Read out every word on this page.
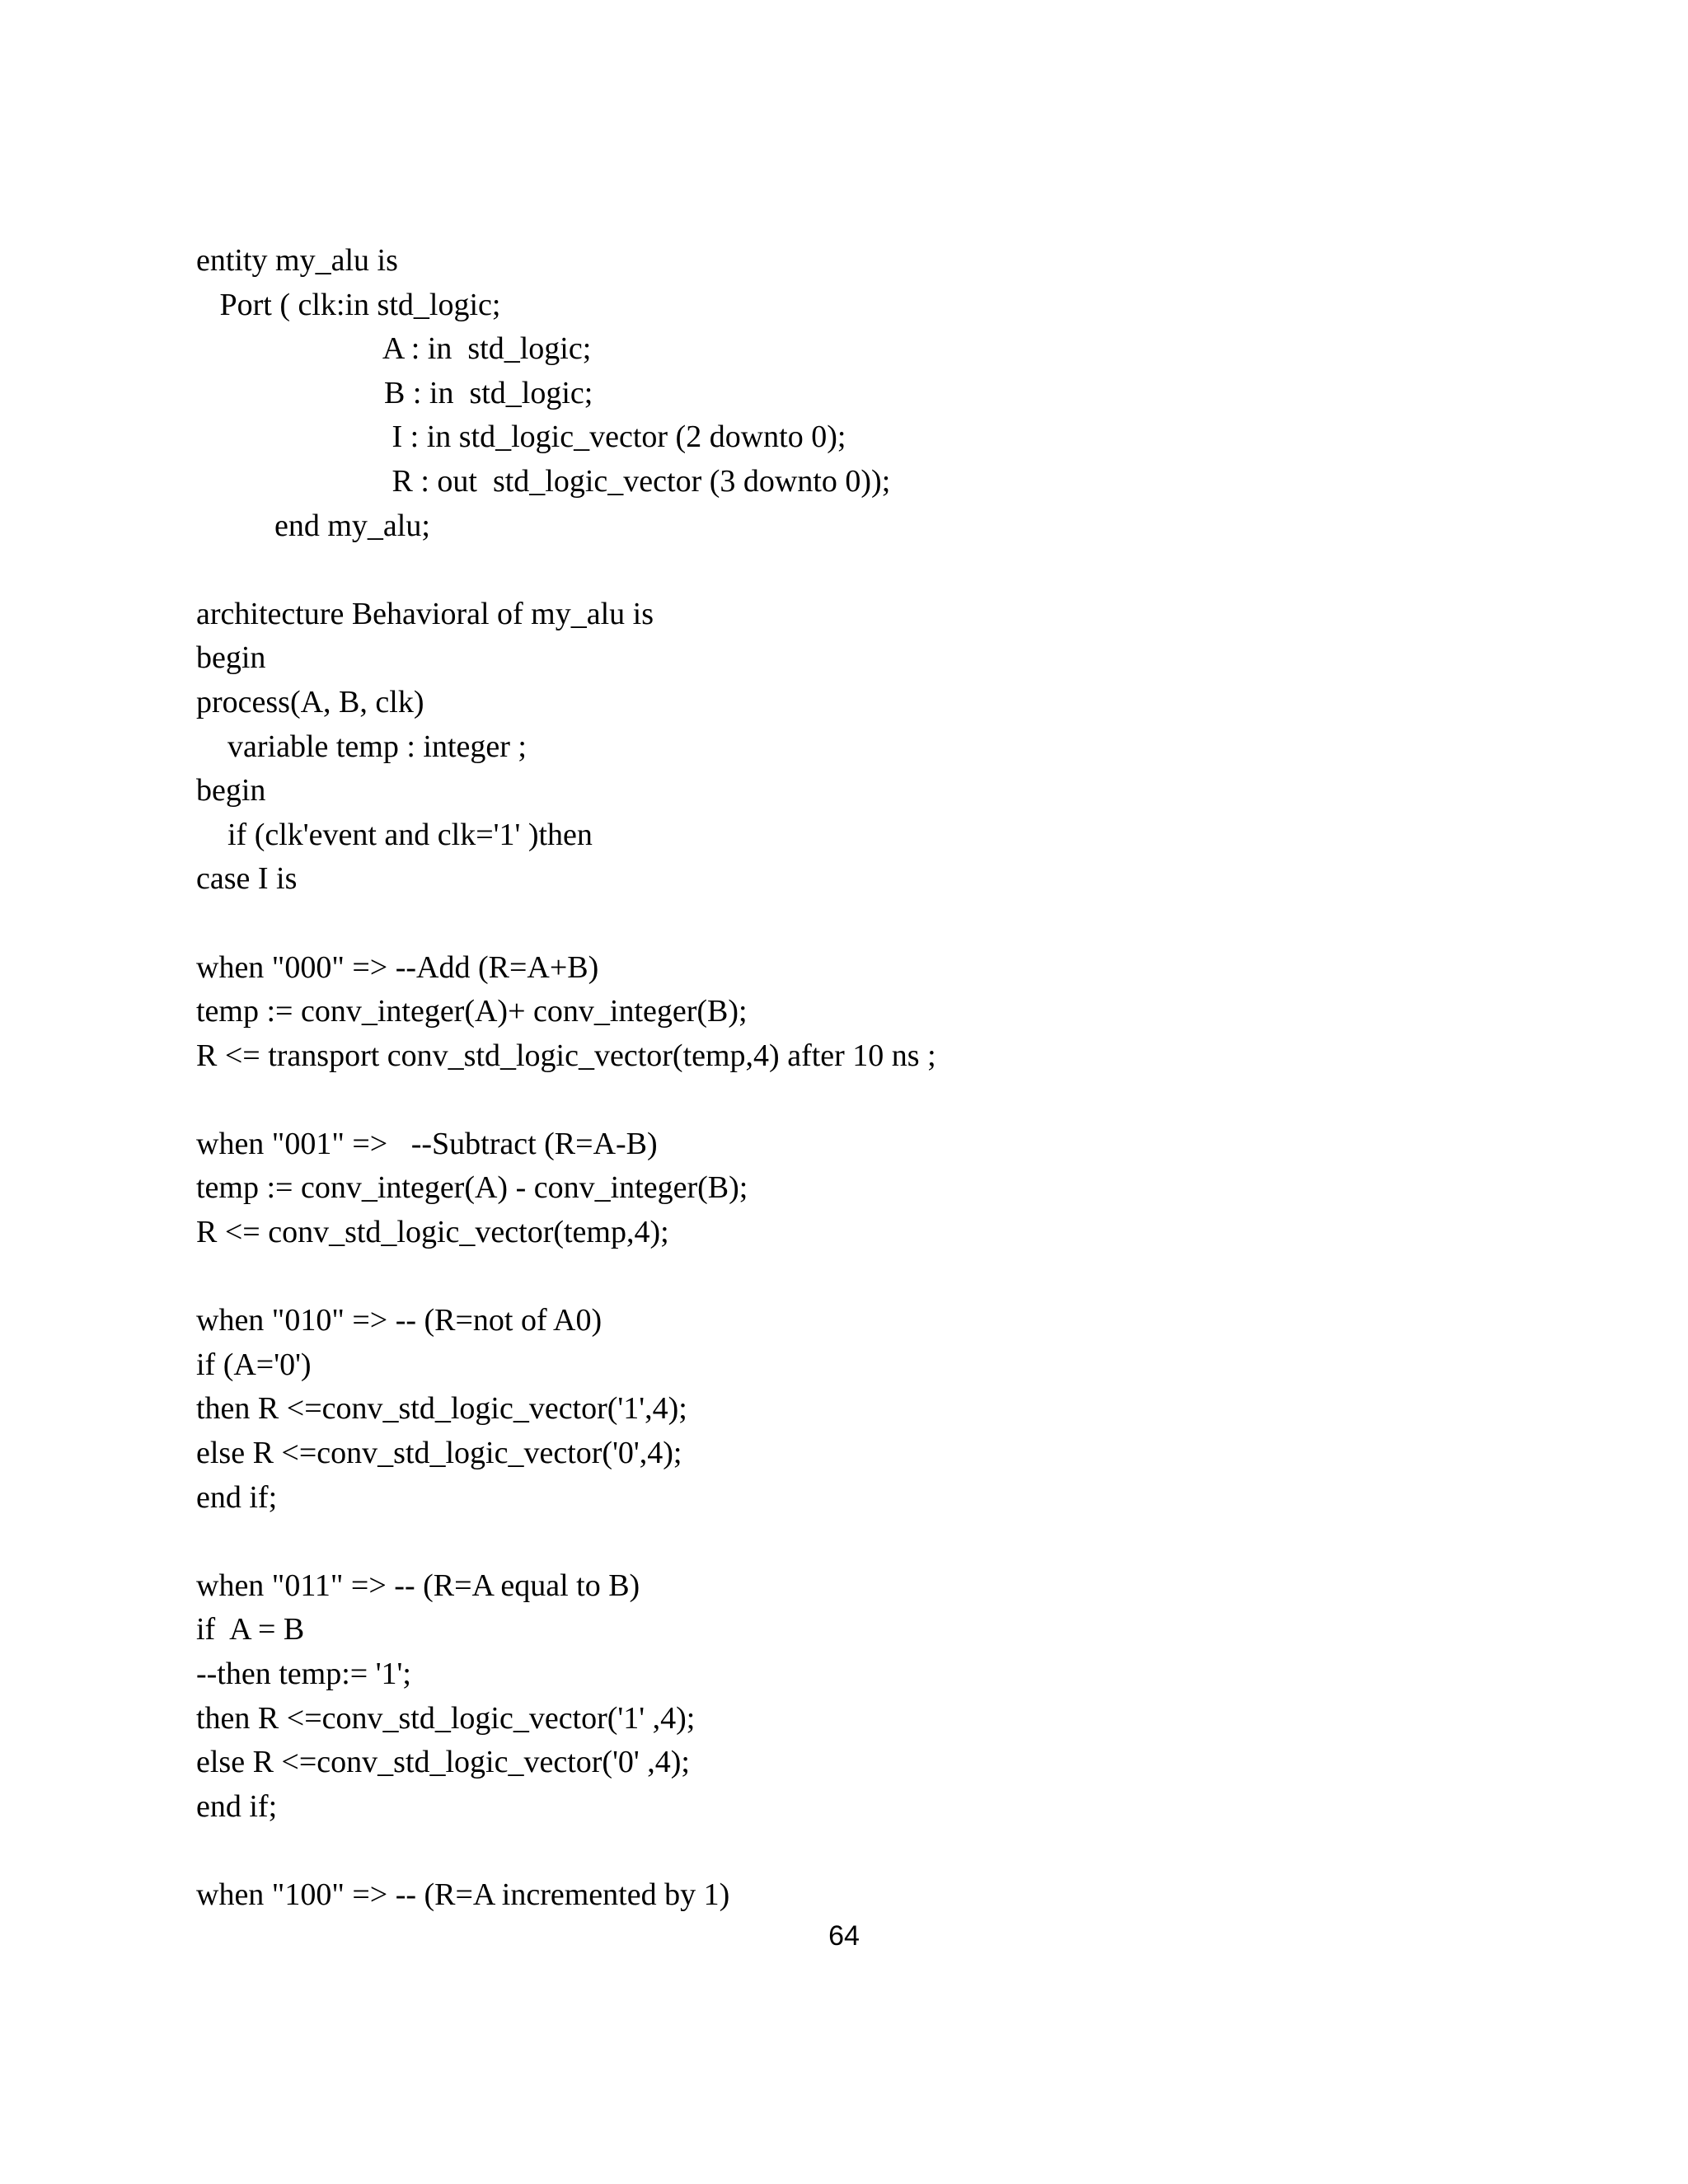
entity my_alu is
Port ( clk:in std_logic;
A : in  std_logic;
B : in  std_logic;
I : in std_logic_vector (2 downto 0);
R : out  std_logic_vector (3 downto 0));
end my_alu;
architecture Behavioral of my_alu is
begin
process(A, B, clk)
variable temp : integer ;
begin
if (clk'event and clk='1' )then
case I is
when "000" => --Add (R=A+B)
temp := conv_integer(A)+ conv_integer(B);
R <= transport conv_std_logic_vector(temp,4) after 10 ns ;
when "001" =>   --Subtract (R=A-B)
temp := conv_integer(A) - conv_integer(B);
R <= conv_std_logic_vector(temp,4);
when "010" => -- (R=not of A0)
if (A='0')
then R <=conv_std_logic_vector('1',4);
else R <=conv_std_logic_vector('0',4);
end if;
when "011" => -- (R=A equal to B)
if  A = B
--then temp:= '1';
then R <=conv_std_logic_vector('1' ,4);
else R <=conv_std_logic_vector('0' ,4);
end if;
when "100" => -- (R=A incremented by 1)
64
